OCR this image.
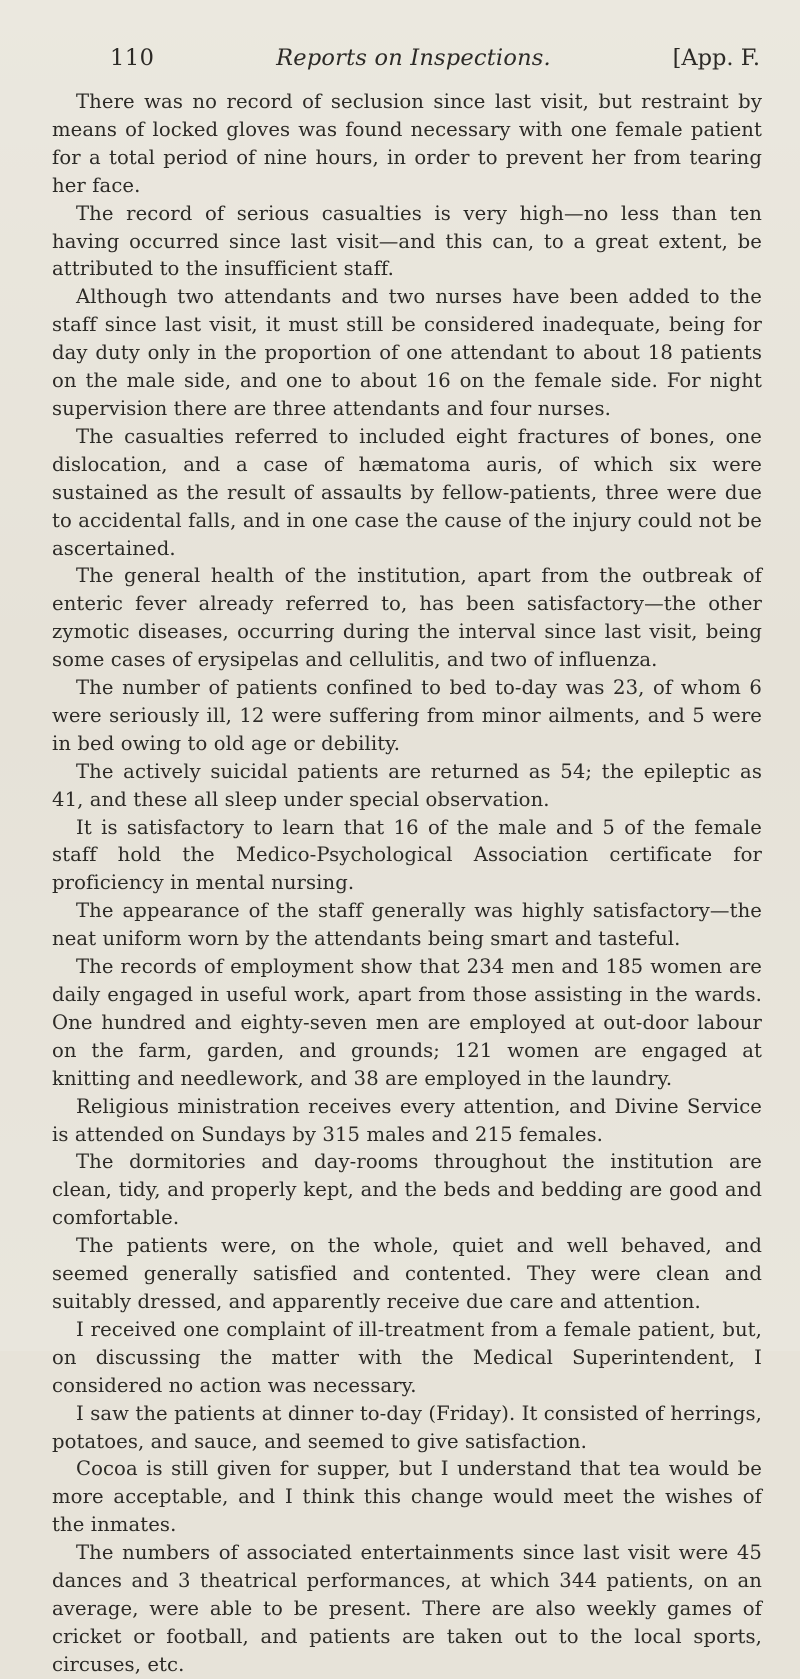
110	Reports on Inspections.	[App. F.

There was no record of seclusion since last visit, but restraint by means of locked gloves was found necessary with one female patient for a total period of nine hours, in order to prevent her from tearing her face.

The record of serious casualties is very high—no less than ten having occurred since last visit—and this can, to a great extent, be attributed to the insufficient staff.

Although two attendants and two nurses have been added to the staff since last visit, it must still be considered inadequate, being for day duty only in the proportion of one attendant to about 18 patients on the male side, and one to about 16 on the female side. For night supervision there are three attendants and four nurses.

The casualties referred to included eight fractures of bones, one dislocation, and a case of hæmatoma auris, of which six were sustained as the result of assaults by fellow-patients, three were due to accidental falls, and in one case the cause of the injury could not be ascertained.

The general health of the institution, apart from the outbreak of enteric fever already referred to, has been satisfactory—the other zymotic diseases, occurring during the interval since last visit, being some cases of erysipelas and cellulitis, and two of influenza.

The number of patients confined to bed to-day was 23, of whom 6 were seriously ill, 12 were suffering from minor ailments, and 5 were in bed owing to old age or debility.

The actively suicidal patients are returned as 54; the epileptic as 41, and these all sleep under special observation.

It is satisfactory to learn that 16 of the male and 5 of the female staff hold the Medico-Psychological Association certificate for proficiency in mental nursing.

The appearance of the staff generally was highly satisfactory—the neat uniform worn by the attendants being smart and tasteful.

The records of employment show that 234 men and 185 women are daily engaged in useful work, apart from those assisting in the wards. One hundred and eighty-seven men are employed at out-door labour on the farm, garden, and grounds; 121 women are engaged at knitting and needlework, and 38 are employed in the laundry.

Religious ministration receives every attention, and Divine Service is attended on Sundays by 315 males and 215 females.

The dormitories and day-rooms throughout the institution are clean, tidy, and properly kept, and the beds and bedding are good and comfortable.

The patients were, on the whole, quiet and well behaved, and seemed generally satisfied and contented. They were clean and suitably dressed, and apparently receive due care and attention.

I received one complaint of ill-treatment from a female patient, but, on discussing the matter with the Medical Superintendent, I considered no action was necessary.

I saw the patients at dinner to-day (Friday). It consisted of herrings, potatoes, and sauce, and seemed to give satisfaction.

Cocoa is still given for supper, but I understand that tea would be more acceptable, and I think this change would meet the wishes of the inmates.

The numbers of associated entertainments since last visit were 45 dances and 3 theatrical performances, at which 344 patients, on an average, were able to be present. There are also weekly games of cricket or football, and patients are taken out to the local sports, circuses, etc.
